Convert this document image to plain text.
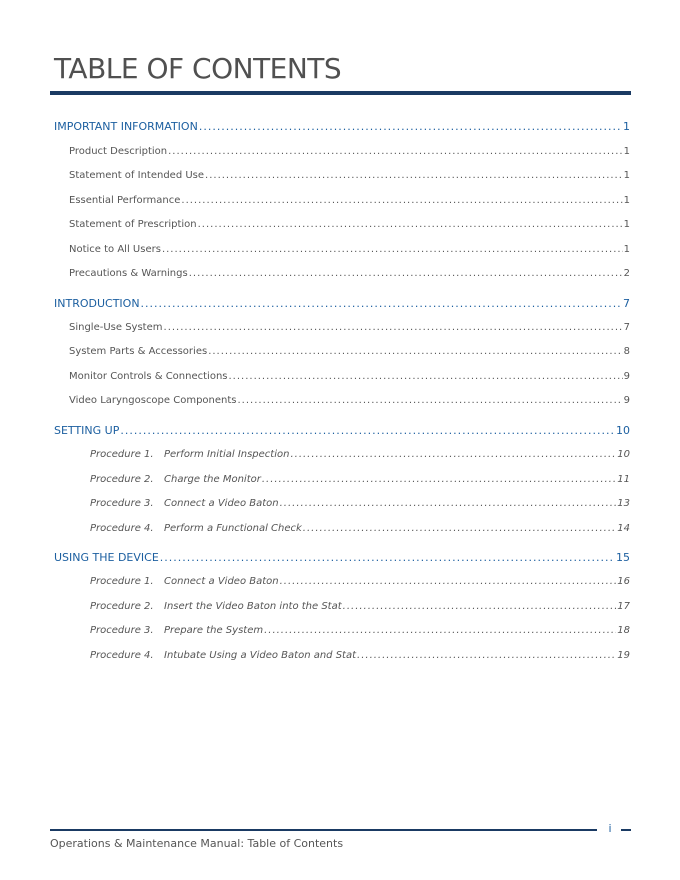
TABLE OF CONTENTS
IMPORTANT INFORMATION .....	1
Product Description .....	1
Statement of Intended Use .....	1
Essential Performance .....	1
Statement of Prescription .....	1
Notice to All Users .....	1
Precautions & Warnings .....	2
INTRODUCTION .....	7
Single-Use System .....	7
System Parts & Accessories .....	8
Monitor Controls & Connections .....	9
Video Laryngoscope Components .....	9
SETTING UP .....	10
Procedure 1. Perform Initial Inspection .....	10
Procedure 2. Charge the Monitor .....	11
Procedure 3. Connect a Video Baton .....	13
Procedure 4. Perform a Functional Check .....	14
USING THE DEVICE .....	15
Procedure 1. Connect a Video Baton .....	16
Procedure 2. Insert the Video Baton into the Stat .....	17
Procedure 3. Prepare the System .....	18
Procedure 4. Intubate Using a Video Baton and Stat .....	19
i
Operations & Maintenance Manual: Table of Contents
